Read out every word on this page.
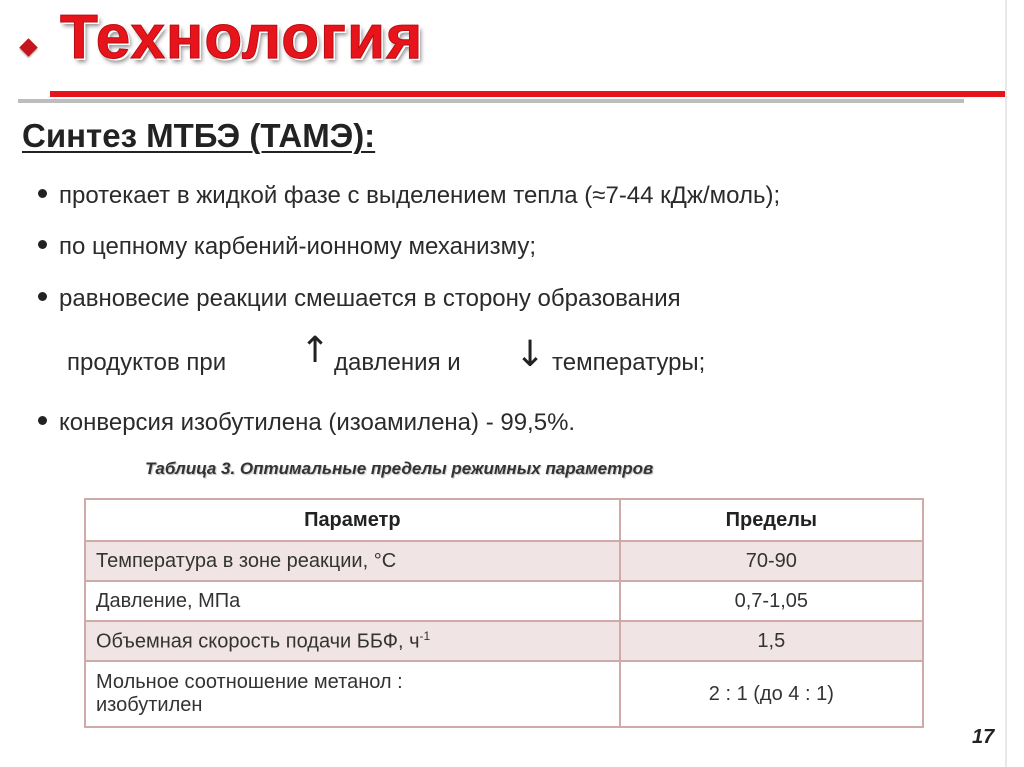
Технология
Синтез МТБЭ (ТАМЭ):
протекает в жидкой фазе с выделением тепла (≈7-44 кДж/моль);
по цепному карбений-ионному механизму;
равновесие реакции смешается в сторону образования
продуктов при ↑ давления и ↓ температуры;
конверсия изобутилена (изоамилена) - 99,5%.
Таблица 3. Оптимальные пределы режимных параметров
Параметр	Пределы
Температура в зоне реакции, °С	70-90
Давление, МПа	0,7-1,05
Объемная скорость подачи ББФ, $ч^{-1}$	1,5
Мольное соотношение метанол :
изобутилен	2 : 1 (до 4 : 1)
17
